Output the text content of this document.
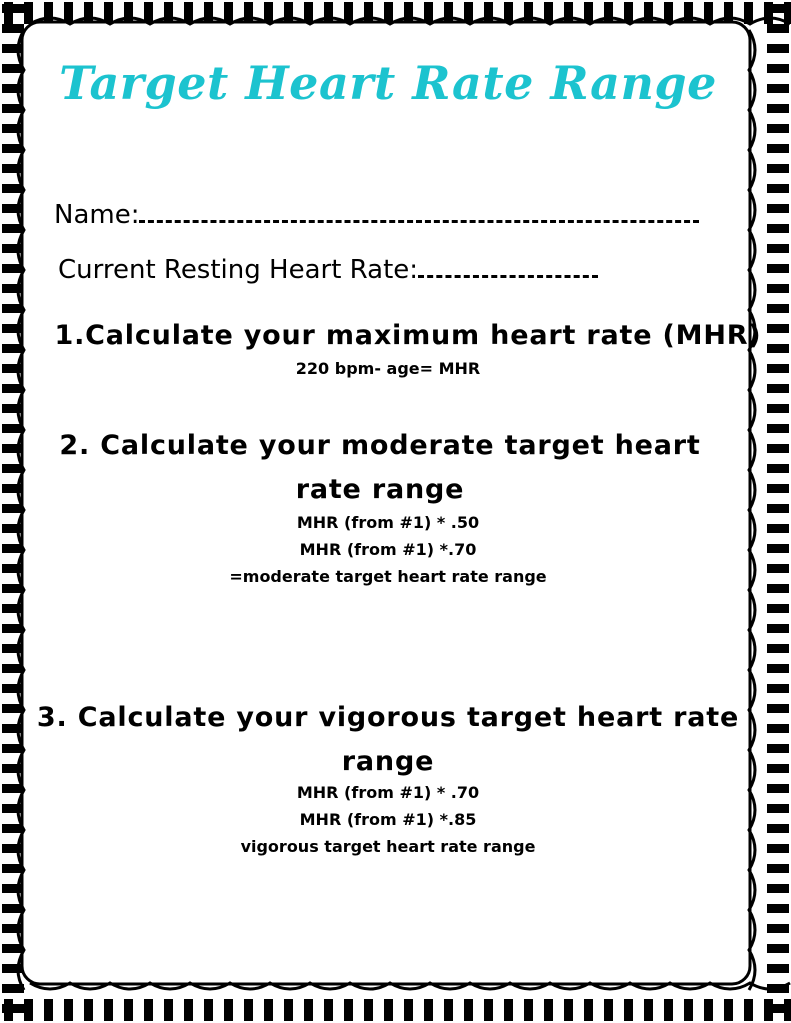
Target Heart Rate Range
Name:
Current Resting Heart Rate:
1.Calculate your maximum heart rate (MHR)
220 bpm- age= MHR
2. Calculate your moderate target heart rate range
MHR (from #1) * .50
MHR (from #1) *.70
=moderate target heart rate range
3. Calculate your vigorous target heart rate range
MHR (from #1) * .70
MHR (from #1) *.85
vigorous target heart rate range
